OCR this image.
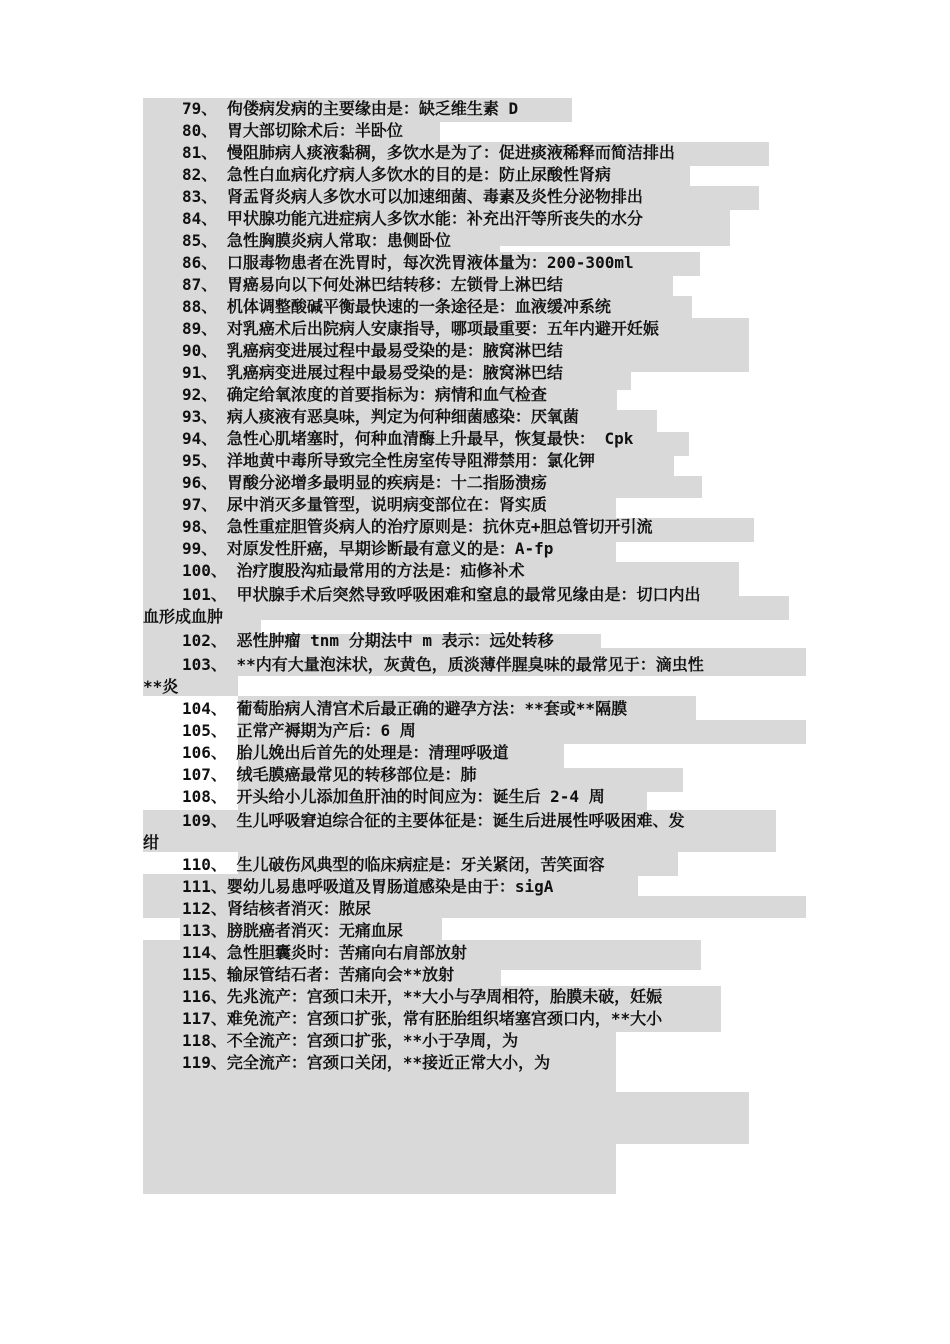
79、 佝偻病发病的主要缘由是：缺乏维生素 D
80、 胃大部切除术后：半卧位
81、 慢阻肺病人痰液黏稠，多饮水是为了：促进痰液稀释而简洁排出
82、 急性白血病化疗病人多饮水的目的是：防止尿酸性肾病
83、 肾盂肾炎病人多饮水可以加速细菌、毒素及炎性分泌物排出
84、 甲状腺功能亢进症病人多饮水能：补充出汗等所丧失的水分
85、 急性胸膜炎病人常取：患侧卧位
86、 口服毒物患者在洗胃时，每次洗胃液体量为：200-300ml
87、 胃癌易向以下何处淋巴结转移：左锁骨上淋巴结
88、 机体调整酸碱平衡最快速的一条途径是：血液缓冲系统
89、 对乳癌术后出院病人安康指导，哪项最重要：五年内避开妊娠
90、 乳癌病变进展过程中最易受染的是：腋窝淋巴结
91、 乳癌病变进展过程中最易受染的是：腋窝淋巴结
92、 确定给氧浓度的首要指标为：病情和血气检查
93、 病人痰液有恶臭味，判定为何种细菌感染：厌氧菌
94、 急性心肌堵塞时，何种血清酶上升最早，恢复最快： Cpk
95、 洋地黄中毒所导致完全性房室传导阻滞禁用：氯化钾
96、 胃酸分泌增多最明显的疾病是：十二指肠溃疡
97、 尿中消灭多量管型，说明病变部位在：肾实质
98、 急性重症胆管炎病人的治疗原则是：抗休克+胆总管切开引流
99、 对原发性肝癌，早期诊断最有意义的是：A-fp
100、 治疗腹股沟疝最常用的方法是：疝修补术
101、 甲状腺手术后突然导致呼吸困难和窒息的最常见缘由是：切口内出
血形成血肿
102、 恶性肿瘤 tnm 分期法中 m 表示：远处转移
103、 **内有大量泡沫状，灰黄色，质淡薄伴腥臭味的最常见于：滴虫性
**炎
104、 葡萄胎病人清宫术后最正确的避孕方法：**套或**隔膜
105、 正常产褥期为产后：6 周
106、 胎儿娩出后首先的处理是：清理呼吸道
107、 绒毛膜癌最常见的转移部位是：肺
108、 开头给小儿添加鱼肝油的时间应为：诞生后 2-4 周
109、 生儿呼吸窘迫综合征的主要体征是：诞生后进展性呼吸困难、发
绀
110、 生儿破伤风典型的临床病症是：牙关紧闭，苦笑面容
111、婴幼儿易患呼吸道及胃肠道感染是由于：sigA
112、肾结核者消灭：脓尿
113、膀胱癌者消灭：无痛血尿
114、急性胆囊炎时：苦痛向右肩部放射
115、输尿管结石者：苦痛向会**放射
116、先兆流产：宫颈口未开，**大小与孕周相符，胎膜未破，妊娠
117、难免流产：宫颈口扩张，常有胚胎组织堵塞宫颈口内，**大小
118、不全流产：宫颈口扩张，**小于孕周，为
119、完全流产：宫颈口关闭，**接近正常大小，为
